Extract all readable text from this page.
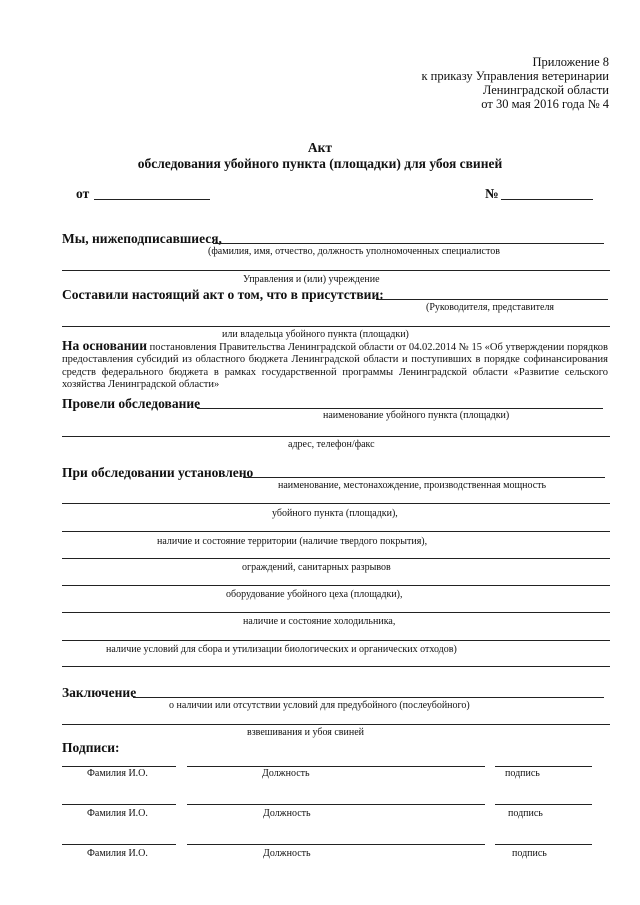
Приложение 8
к приказу Управления ветеринарии
Ленинградской области
от 30 мая 2016 года № 4
Акт
обследования убойного пункта (площадки) для убоя свиней
от	№
Мы, нижеподписавшиеся,
(фамилия, имя, отчество, должность уполномоченных специалистов
Управления и (или) учреждение
Составили настоящий акт о том, что в присутствии:
(Руководителя, представителя
или владельца убойного пункта (площадки)
На основании постановления Правительства Ленинградской области от 04.02.2014 № 15 «Об утверждении порядков предоставления субсидий из областного бюджета Ленинградской области и поступивших в порядке софинансирования средств федерального бюджета в рамках государственной программы Ленинградской области «Развитие сельского хозяйства Ленинградской области»
Провели обследование
наименование убойного пункта (площадки)
адрес, телефон/факс
При обследовании установлено
наименование, местонахождение, производственная мощность
убойного пункта (площадки),
наличие и состояние территории (наличие твердого покрытия),
ограждений, санитарных разрывов
оборудование убойного цеха (площадки),
наличие и состояние холодильника,
наличие условий для сбора и утилизации биологических и органических отходов)
Заключение
о наличии или отсутствии условий для предубойного (послеубойного)
взвешивания и убоя свиней
Подписи:
Фамилия И.О.	Должность	подпись
Фамилия И.О.	Должность	подпись
Фамилия И.О.	Должность	подпись
